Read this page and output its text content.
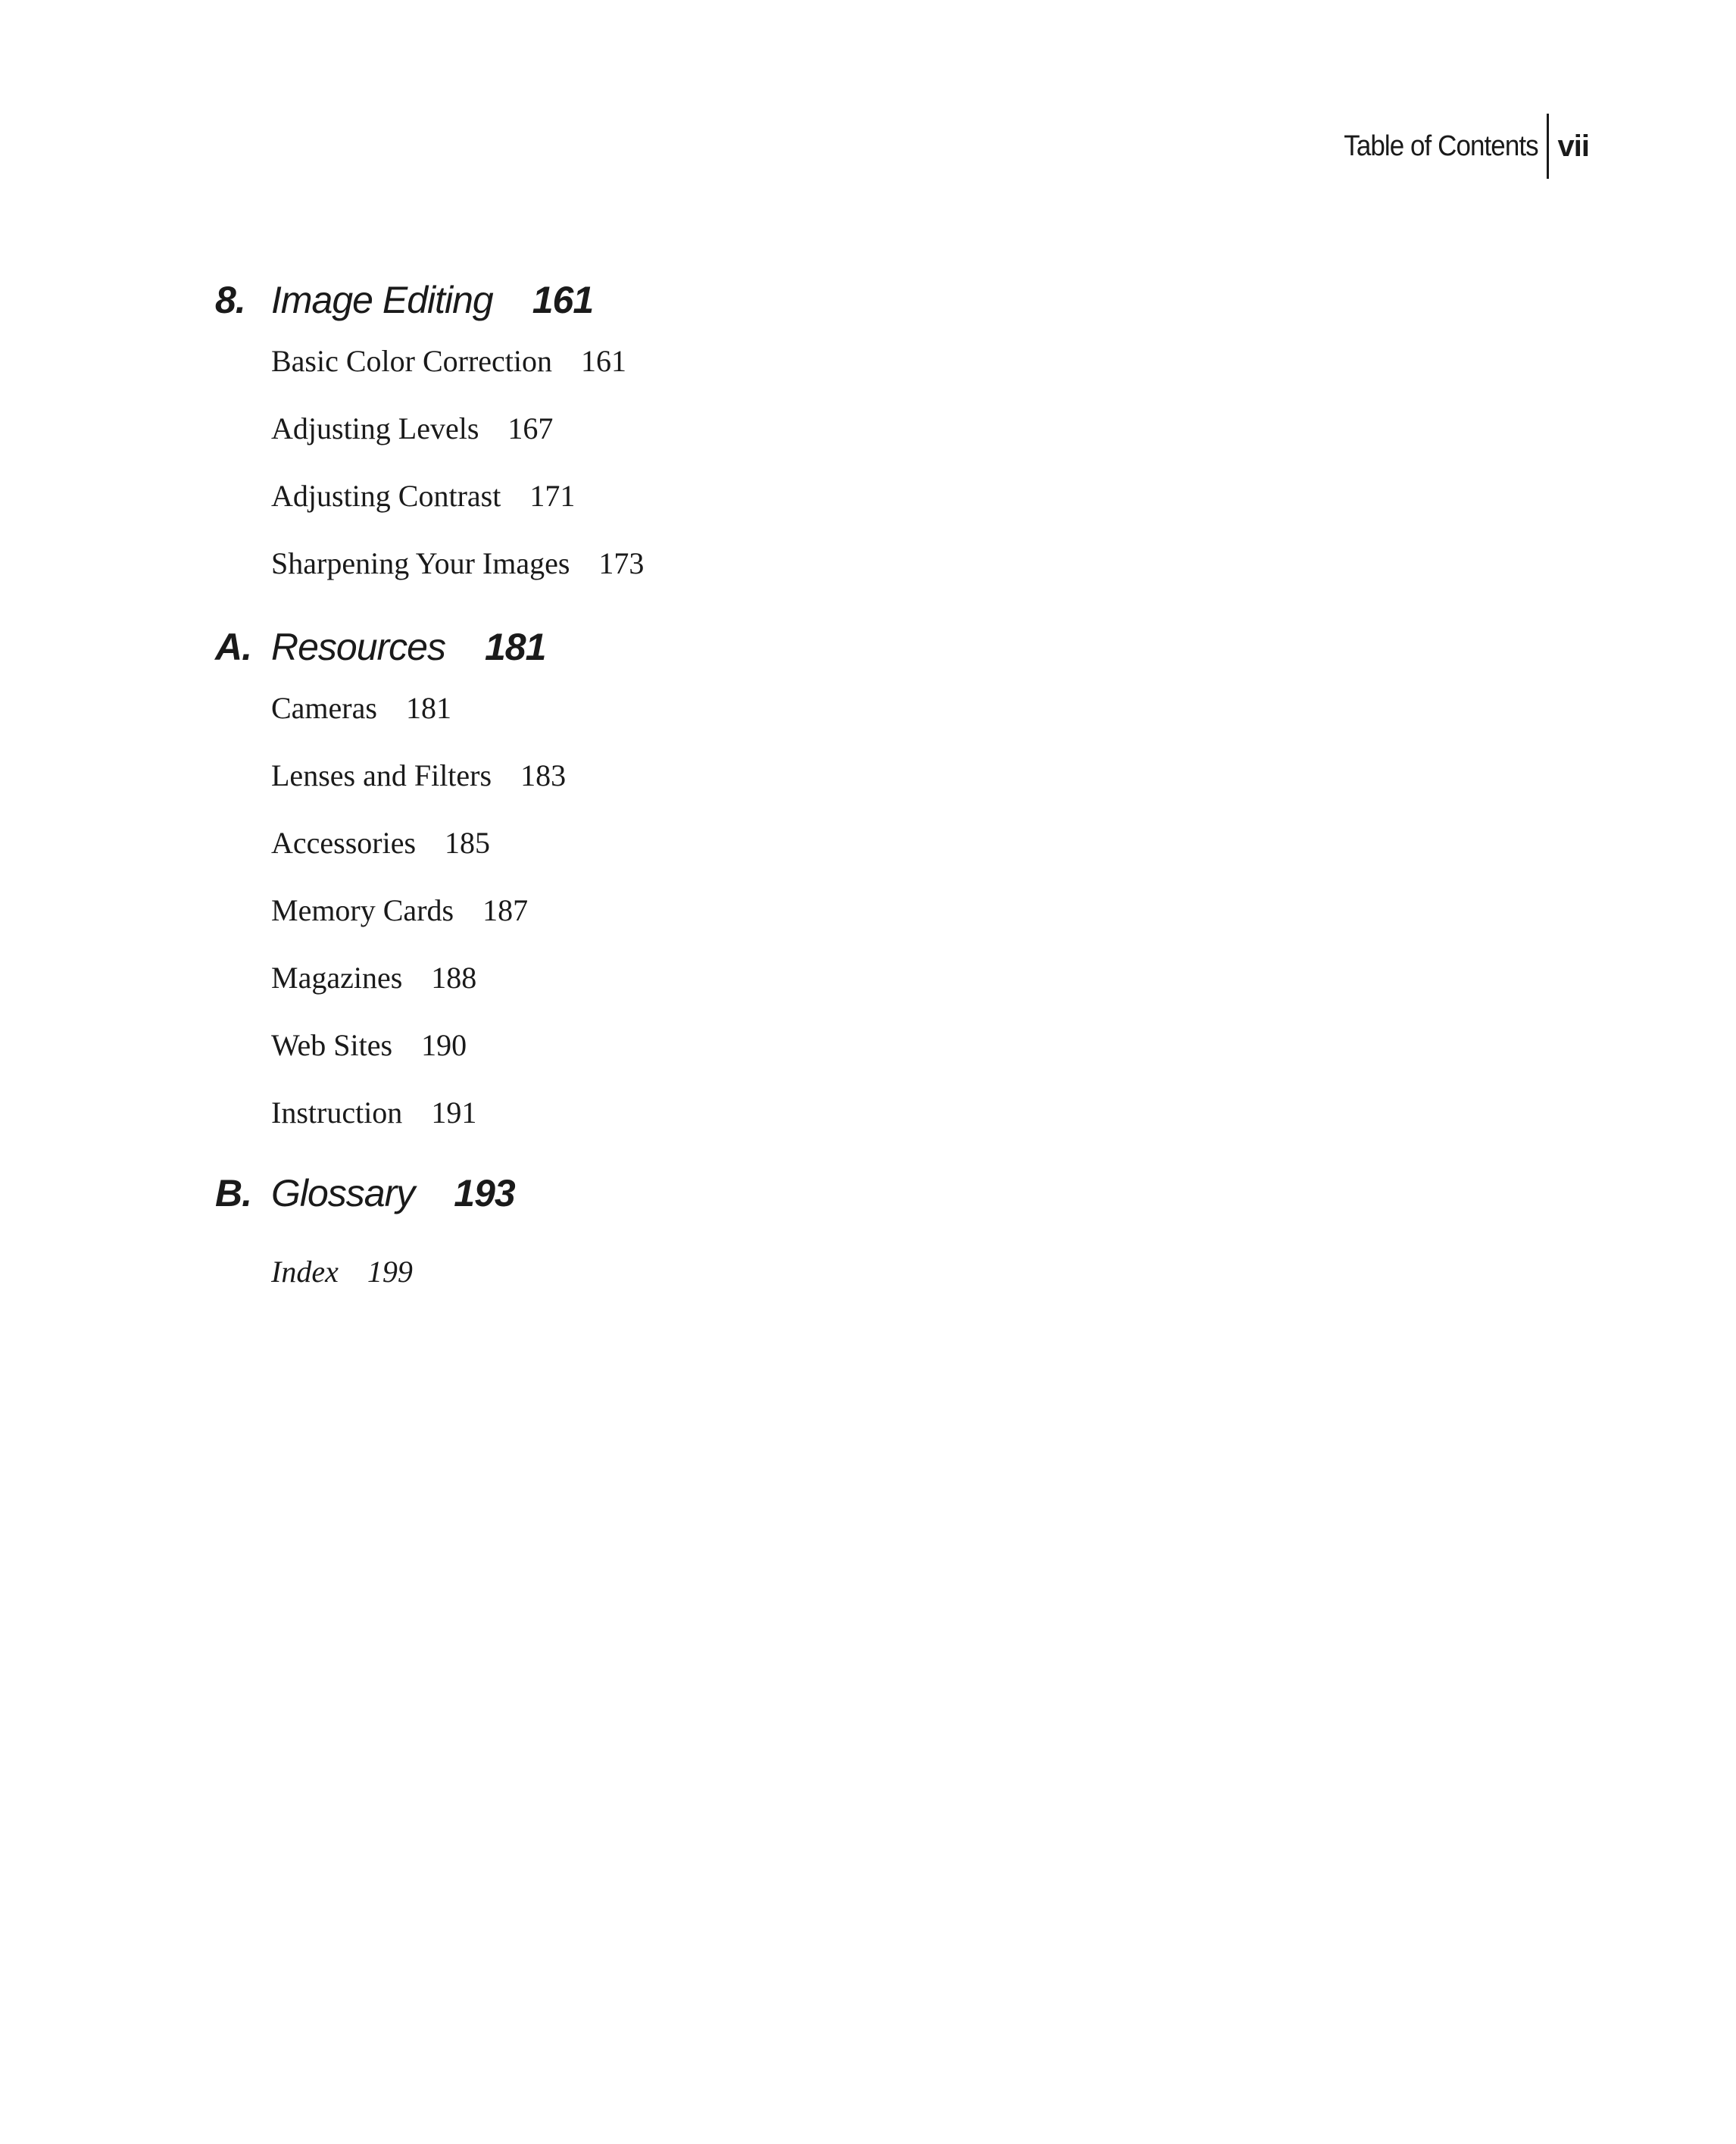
Table of Contents vii
8. Image Editing 161
Basic Color Correction 161
Adjusting Levels 167
Adjusting Contrast 171
Sharpening Your Images 173
A. Resources 181
Cameras 181
Lenses and Filters 183
Accessories 185
Memory Cards 187
Magazines 188
Web Sites 190
Instruction 191
B. Glossary 193
Index 199
